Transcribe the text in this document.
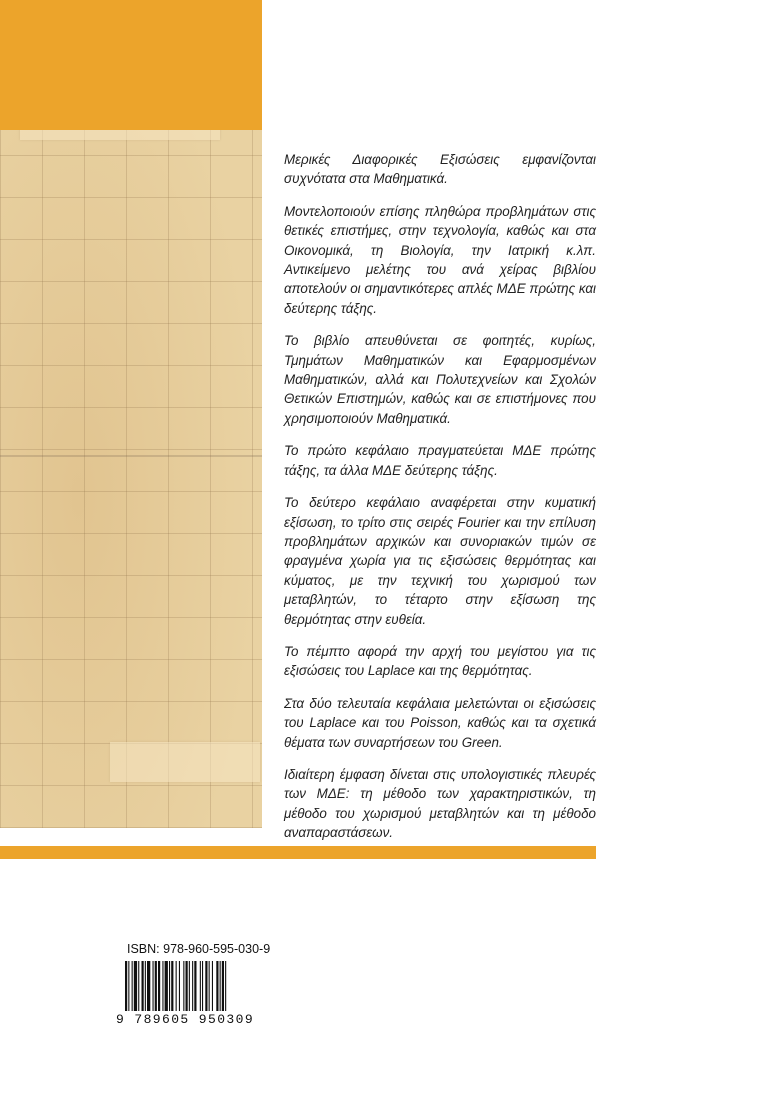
Μερικές Διαφορικές Εξισώσεις εμφανίζονται συχνότατα στα Μαθηματικά.

Μοντελοποιούν επίσης πληθώρα προβλημάτων στις θετικές επιστήμες, στην τεχνολογία, καθώς και στα Οικονομικά, τη Βιολογία, την Ιατρική κ.λπ. Αντικείμενο μελέτης του ανά χείρας βιβλίου αποτελούν οι σημαντικότερες απλές ΜΔΕ πρώτης και δεύτερης τάξης.

Το βιβλίο απευθύνεται σε φοιτητές, κυρίως, Τμημάτων Μαθηματικών και Εφαρμοσμένων Μαθηματικών, αλλά και Πολυτεχνείων και Σχολών Θετικών Επιστημών, καθώς και σε επιστήμονες που χρησιμοποιούν Μαθηματικά.

Το πρώτο κεφάλαιο πραγματεύεται ΜΔΕ πρώτης τάξης, τα άλλα ΜΔΕ δεύτερης τάξης.

Το δεύτερο κεφάλαιο αναφέρεται στην κυματική εξίσωση, το τρίτο στις σειρές Fourier και την επίλυση προβλημάτων αρχικών και συνοριακών τιμών σε φραγμένα χωρία για τις εξισώσεις θερμότητας και κύματος, με την τεχνική του χωρισμού των μεταβλητών, το τέταρτο στην εξίσωση της θερμότητας στην ευθεία.

Το πέμπτο αφορά την αρχή του μεγίστου για τις εξισώσεις του Laplace και της θερμότητας.

Στα δύο τελευταία κεφάλαια μελετώνται οι εξισώσεις του Laplace και του Poisson, καθώς και τα σχετικά θέματα των συναρτήσεων του Green.

Ιδιαίτερη έμφαση δίνεται στις υπολογιστικές πλευρές των ΜΔΕ: τη μέθοδο των χαρακτηριστικών, τη μέθοδο του χωρισμού μεταβλητών και τη μέθοδο αναπαραστάσεων.

ISBN: 978-960-595-030-9
9 789605 950309
